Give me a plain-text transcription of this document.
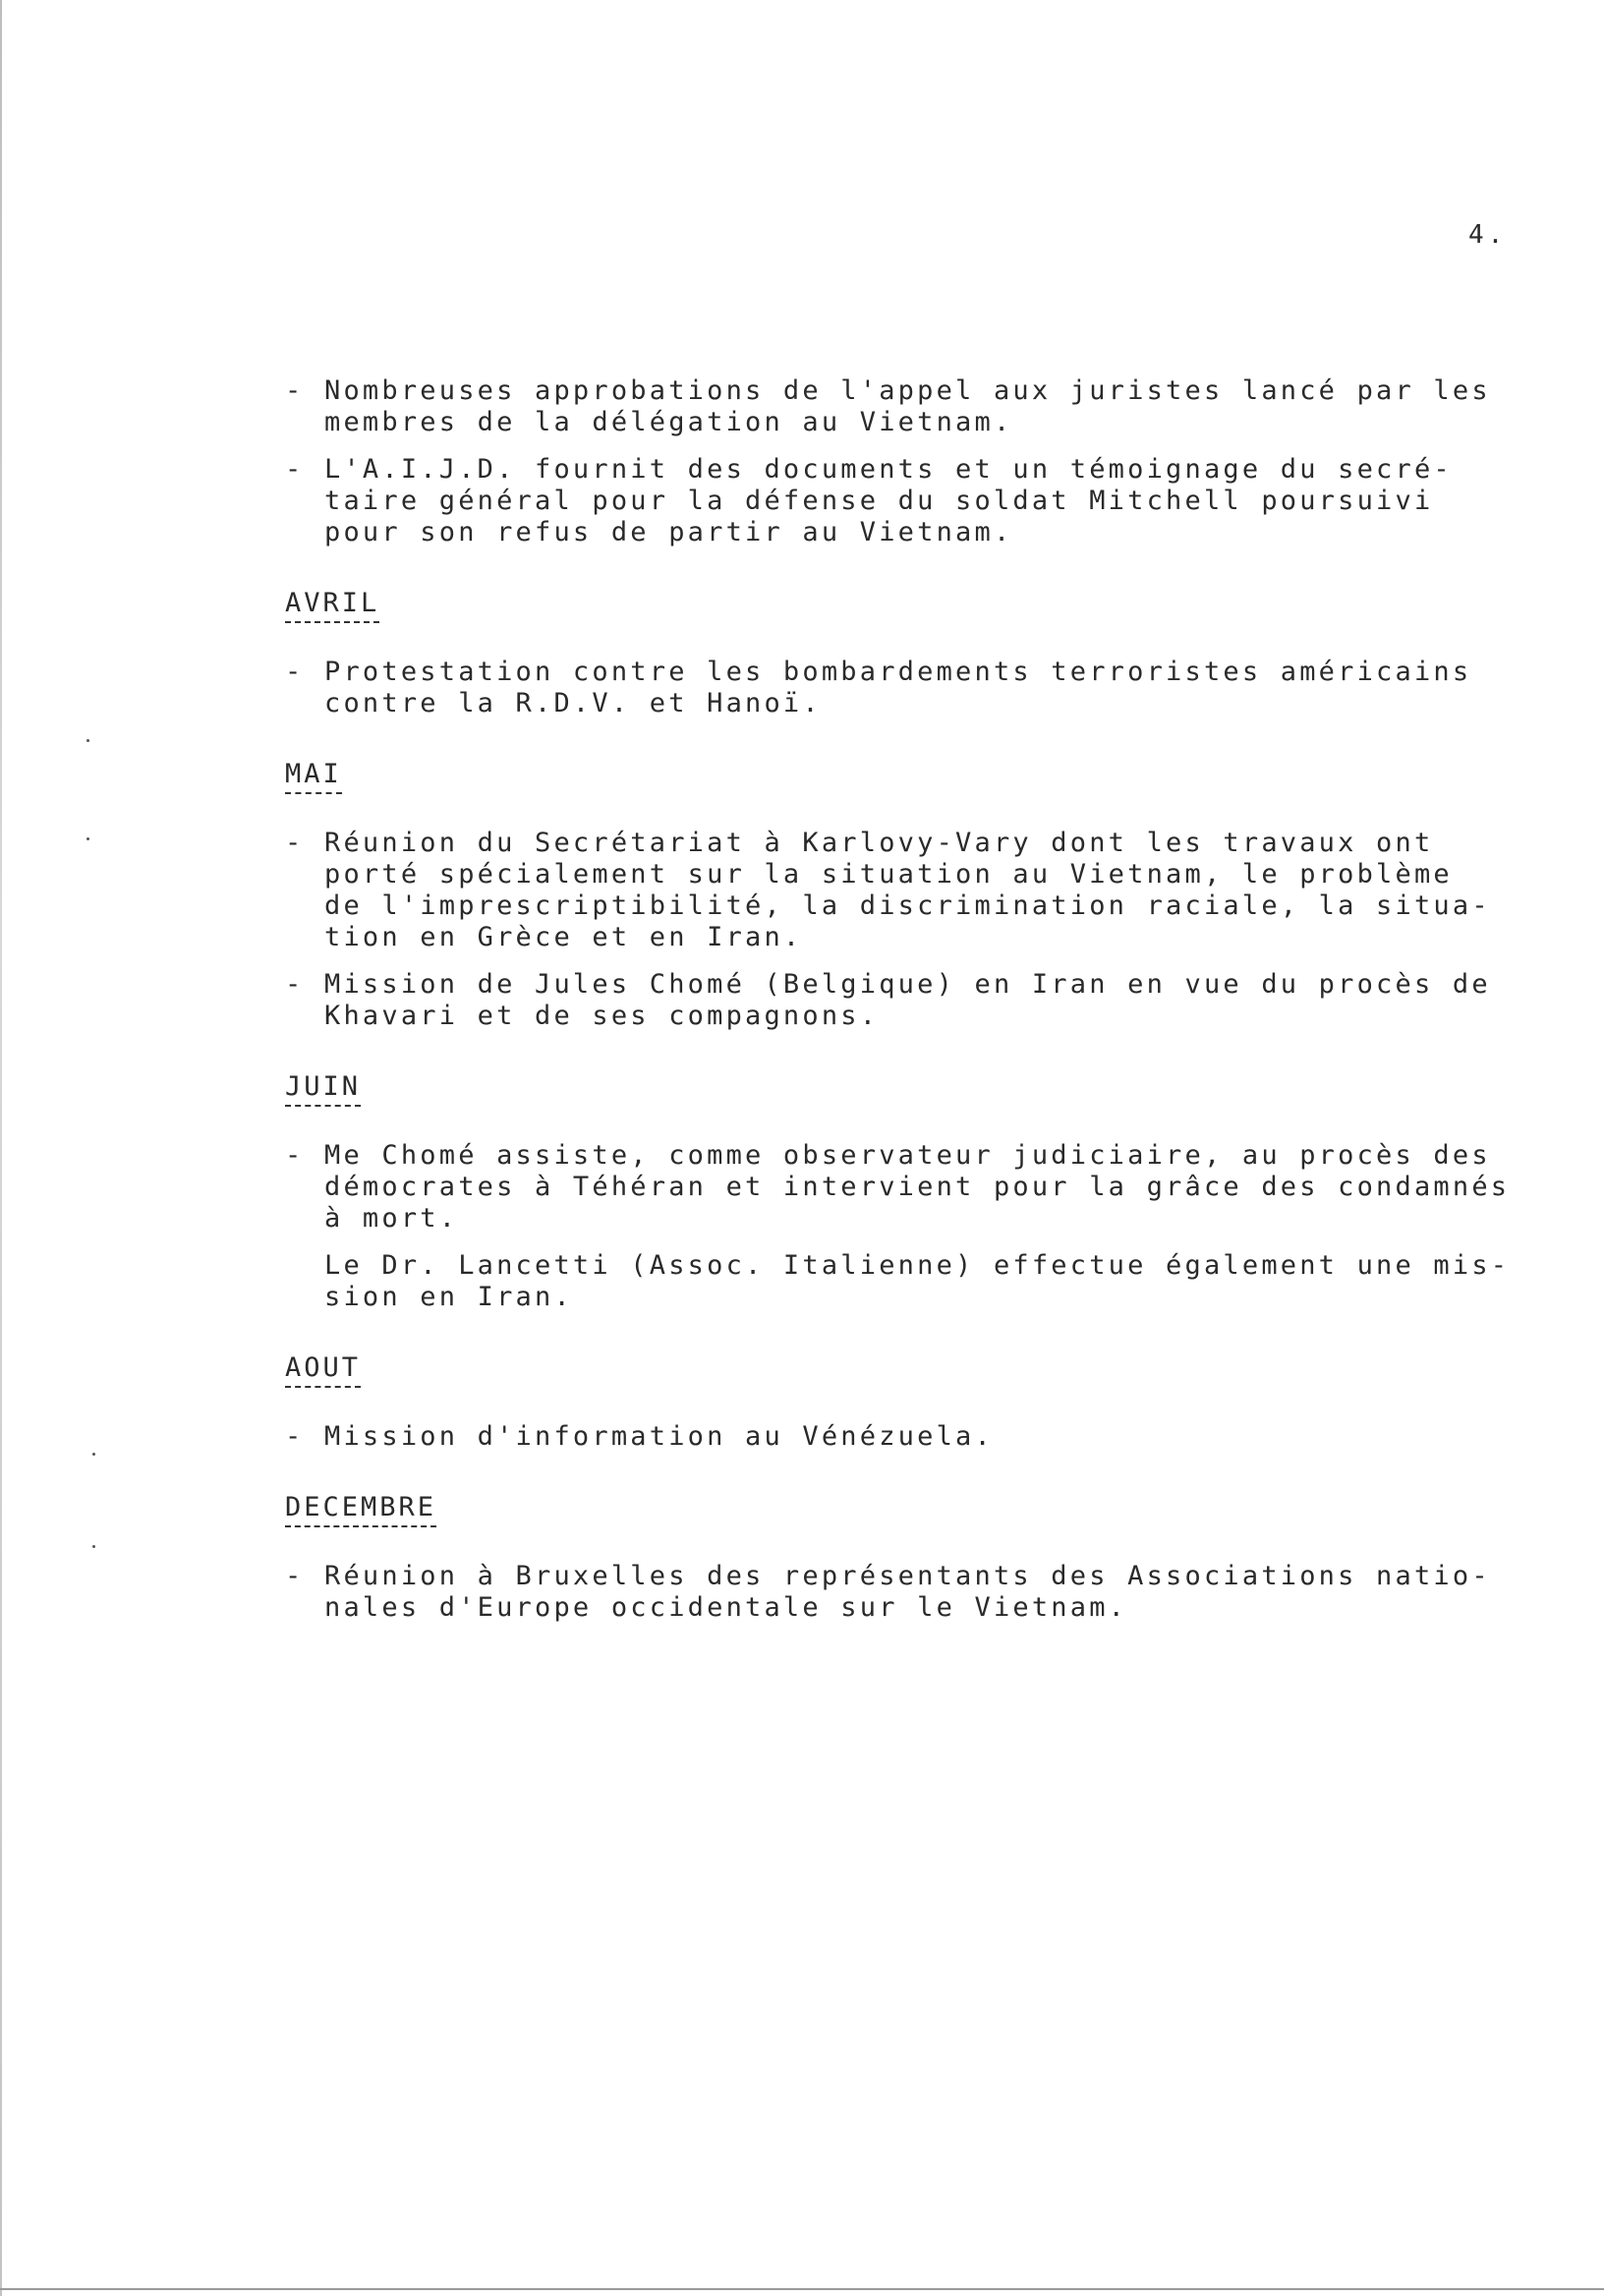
4.
- Nombreuses approbations de l'appel aux juristes lancé par les
membres de la délégation au Vietnam.
- L'A.I.J.D. fournit des documents et un témoignage du secré-
taire général pour la défense du soldat Mitchell poursuivi
pour son refus de partir au Vietnam.
AVRIL
- Protestation contre les bombardements terroristes américains
contre la R.D.V. et Hanoï.
MAI
- Réunion du Secrétariat à Karlovy-Vary dont les travaux ont
porté spécialement sur la situation au Vietnam, le problème
de l'imprescriptibilité, la discrimination raciale, la situa-
tion en Grèce et en Iran.
- Mission de Jules Chomé (Belgique) en Iran en vue du procès de
Khavari et de ses compagnons.
JUIN
- Me Chomé assiste, comme observateur judiciaire, au procès des
démocrates à Téhéran et intervient pour la grâce des condamnés
à mort.
Le Dr. Lancetti (Assoc. Italienne) effectue également une mis-
sion en Iran.
AOUT
- Mission d'information au Vénézuela.
DECEMBRE
- Réunion à Bruxelles des représentants des Associations natio-
nales d'Europe occidentale sur le Vietnam.
